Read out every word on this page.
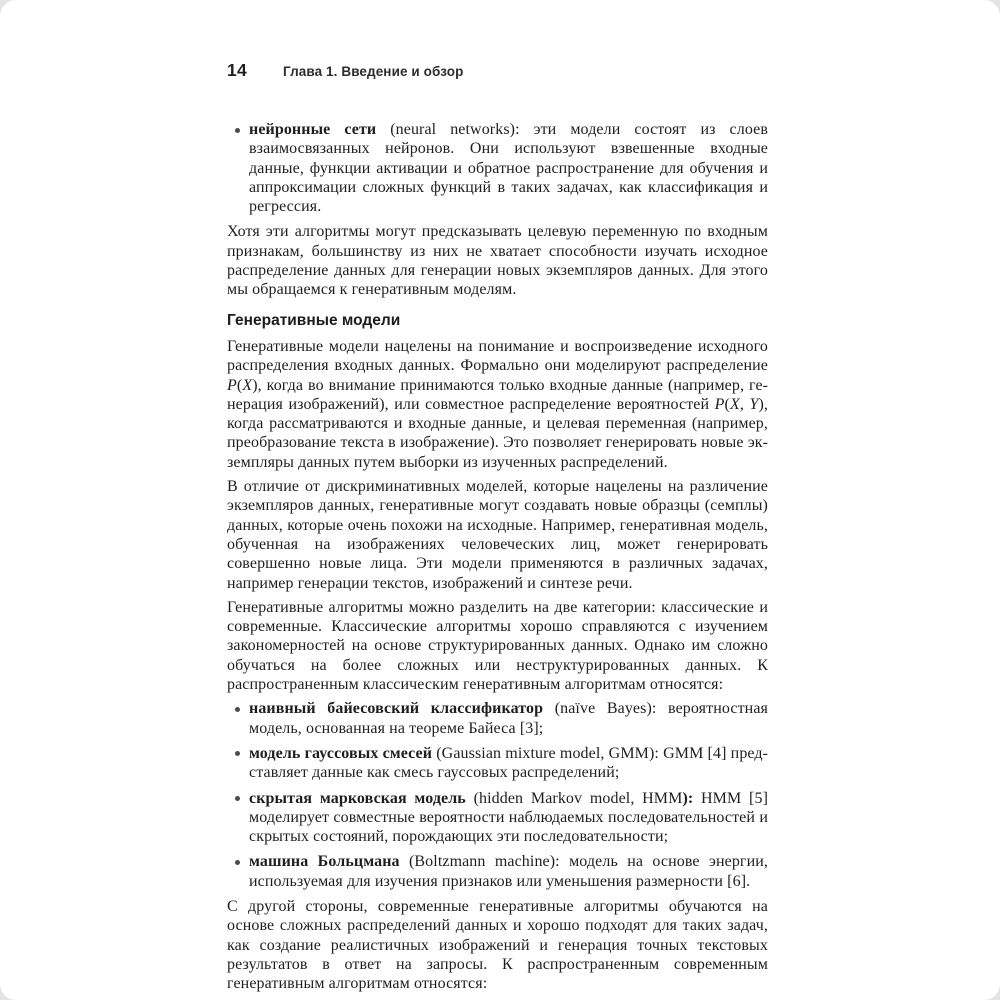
14	Глава 1. Введение и обзор
нейронные сети (neural networks): эти модели состоят из слоев взаимосвязанных нейронов. Они используют взвешенные входные данные, функции активации и обратное распространение для обучения и аппроксимации сложных функций в таких задачах, как классификация и регрессия.

Хотя эти алгоритмы могут предсказывать целевую переменную по входным признакам, большинству из них не хватает способности изучать исходное распределение данных для генерации новых экземпляров данных. Для этого мы обращаемся к генеративным моделям.

Генеративные модели

Генеративные модели нацелены на понимание и воспроизведение исходного распределения входных данных. Формально они моделируют распределение P(X), когда во внимание принимаются только входные данные (например, генерация изображений), или совместное распределение вероятностей P(X, Y), когда рассматриваются и входные данные, и целевая переменная (например, преобразование текста в изображение). Это позволяет генерировать новые экземпляры данных путем выборки из изученных распределений.

В отличие от дискриминативных моделей, которые нацелены на различение экземпляров данных, генеративные могут создавать новые образцы (семплы) данных, которые очень похожи на исходные. Например, генеративная модель, обученная на изображениях человеческих лиц, может генерировать совершенно новые лица. Эти модели применяются в различных задачах, например генерации текстов, изображений и синтезе речи.

Генеративные алгоритмы можно разделить на две категории: классические и современные. Классические алгоритмы хорошо справляются с изучением закономерностей на основе структурированных данных. Однако им сложно обучаться на более сложных или неструктурированных данных. К распространенным классическим генеративным алгоритмам относятся:

наивный байесовский классификатор (naïve Bayes): вероятностная модель, основанная на теореме Байеса [3];
модель гауссовых смесей (Gaussian mixture model, GMM): GMM [4] представляет данные как смесь гауссовых распределений;
скрытая марковская модель (hidden Markov model, HMM): HMM [5] моделирует совместные вероятности наблюдаемых последовательностей и скрытых состояний, порождающих эти последовательности;
машина Больцмана (Boltzmann machine): модель на основе энергии, используемая для изучения признаков или уменьшения размерности [6].

С другой стороны, современные генеративные алгоритмы обучаются на основе сложных распределений данных и хорошо подходят для таких задач, как создание реалистичных изображений и генерация точных текстовых результатов в ответ на запросы. К распространенным современным генеративным алгоритмам относятся:
